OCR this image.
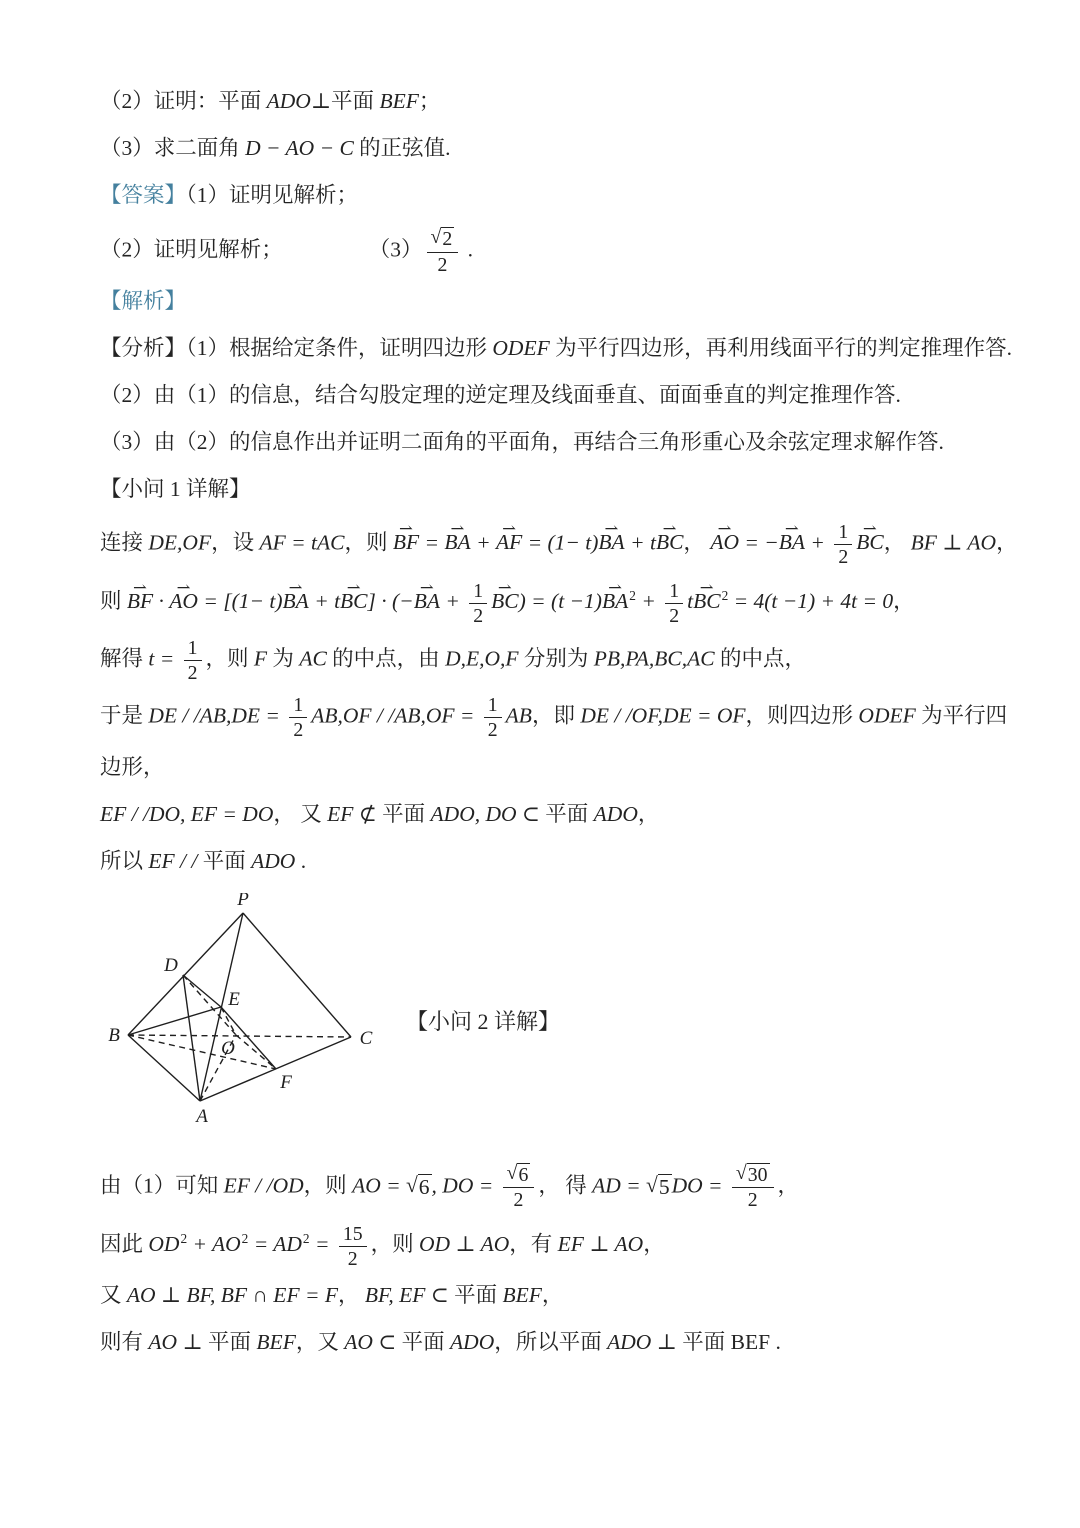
（2）证明：平面 ADO⊥平面 BEF；
（3）求二面角 D − AO − C 的正弦值.
【答案】（1）证明见解析；
（2）证明见解析；	$(3) \frac{√ 2}{2}$ .
【解析】
【分析】（1）根据给定条件，证明四边形 ODEF 为平行四边形，再利用线面平行的判定推理作答.
（2）由（1）的信息，结合勾股定理的逆定理及线面垂直、面面垂直的判定推理作答.
（3）由（2）的信息作出并证明二面角的平面角，再结合三角形重心及余弦定理求解作答.
【小问 1 详解】
连接 DE,OF，设 AF = tAC，则 BF ⇀ = BA ⇀ + AF ⇀ = (1− t)BA ⇀ + tBC ⇀， AO ⇀ = −BA ⇀ + $\frac{1}{2}$ BC ⇀， BF ⊥ AO，
则 BF ⇀ · AO ⇀ = [(1− t)BA ⇀ + tBC ⇀] · (−BA ⇀ + $\frac{1}{2}$ BC ⇀) = (t −1)BA ⇀$^2$ + $\frac{1}{2}$ tBC ⇀$^2$ = 4(t −1) + 4t = 0，
解得 $t = \frac{1}{2}$ ，则 F 为 AC 的中点，由 D,E,O,F 分别为 PB,PA,BC,AC 的中点，
于是 DE / $/AB,DE = \frac{1}{2} AB,OF / /AB,OF = \frac{1}{2}$ AB，即 DE / /OF,DE = OF，则四边形 ODEF 为平行四
边形，
EF / /DO, EF = DO， 又 EF ⊄ 平面 ADO, DO ⊂ 平面 ADO，
所以 EF / / 平面 ADO .
P
D
E
B
O	C
F
A
【小问 2 详解】
由（1）可知 EF / /OD，则 AO = √ 6 , DO = $\frac{√ 6}{2}$ ， 得 AD = √ 5 DO = $\frac{√ 30}{2}$ ，
因此 $OD^2 + AO^2 = AD^2 = \frac{15}{2}$ ，则 OD ⊥ AO，有 EF ⊥ AO，
又 AO ⊥ BF, BF ∩ EF = F， BF, EF ⊂ 平面 BEF，
则有 AO ⊥ 平面 BEF，又 AO ⊂ 平面 ADO，所以平面 ADO ⊥ 平面 BEF .
